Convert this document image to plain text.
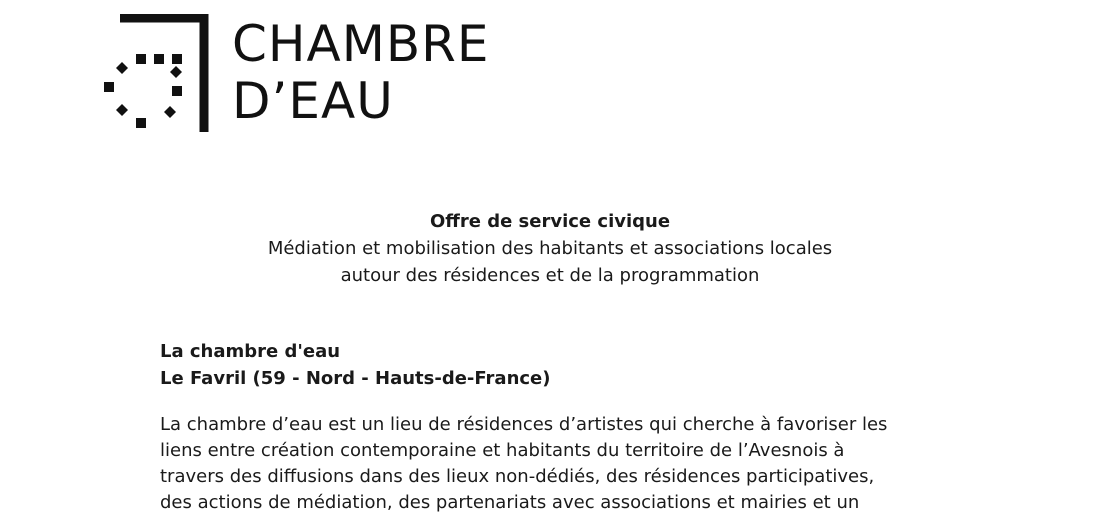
CHAMBRE
D’EAU
Offre de service civique
Médiation et mobilisation des habitants et associations locales
autour des résidences et de la programmation
La chambre d'eau
Le Favril (59 - Nord - Hauts-de-France)
La chambre d’eau est un lieu de résidences d’artistes qui cherche à favoriser les
liens entre création contemporaine et habitants du territoire de l’Avesnois à
travers des diffusions dans des lieux non-dédiés, des résidences participatives,
des actions de médiation, des partenariats avec associations et mairies et un
